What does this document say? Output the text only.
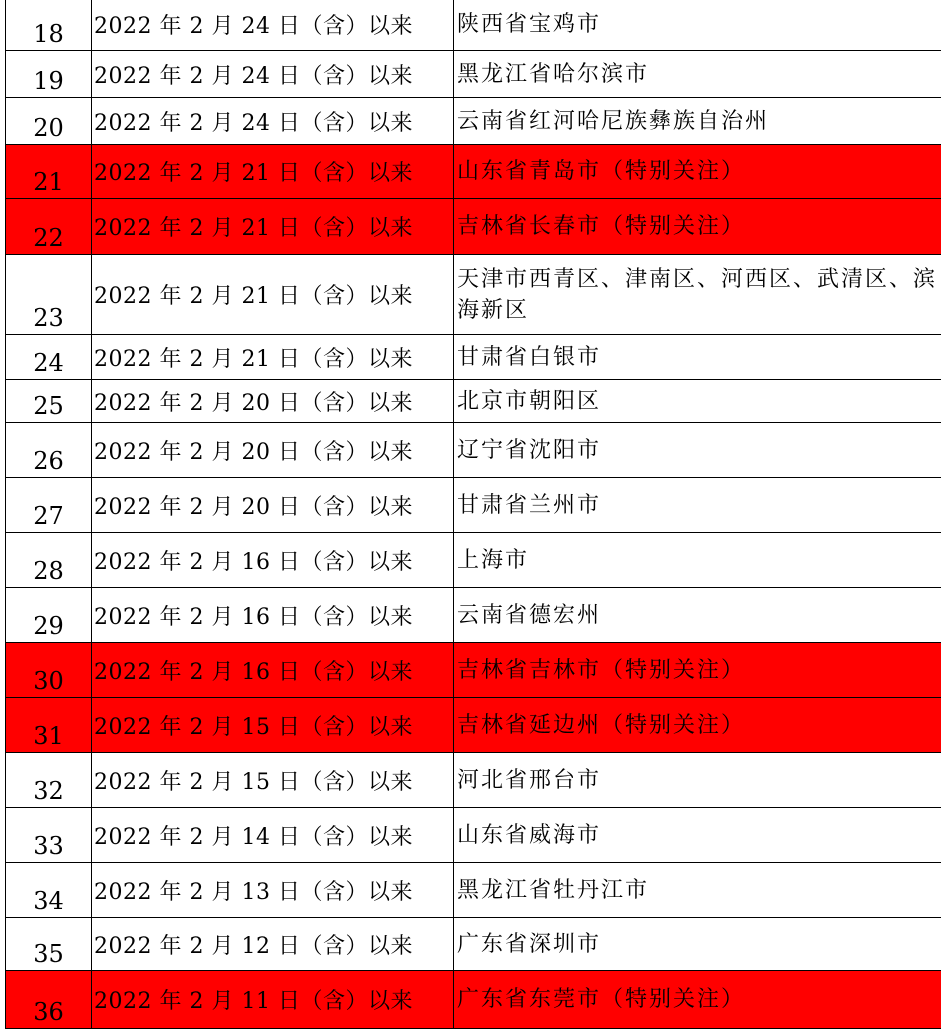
18	2022 年 2 月 24 日（含）以来	陕西省宝鸡市
19	2022 年 2 月 24 日（含）以来	黑龙江省哈尔滨市
20	2022 年 2 月 24 日（含）以来	云南省红河哈尼族彝族自治州
21	2022 年 2 月 21 日（含）以来	山东省青岛市（特别关注）
22	2022 年 2 月 21 日（含）以来	吉林省长春市（特别关注）
23	2022 年 2 月 21 日（含）以来	天津市西青区、津南区、河西区、武清区、滨海新区
24	2022 年 2 月 21 日（含）以来	甘肃省白银市
25	2022 年 2 月 20 日（含）以来	北京市朝阳区
26	2022 年 2 月 20 日（含）以来	辽宁省沈阳市
27	2022 年 2 月 20 日（含）以来	甘肃省兰州市
28	2022 年 2 月 16 日（含）以来	上海市
29	2022 年 2 月 16 日（含）以来	云南省德宏州
30	2022 年 2 月 16 日（含）以来	吉林省吉林市（特别关注）
31	2022 年 2 月 15 日（含）以来	吉林省延边州（特别关注）
32	2022 年 2 月 15 日（含）以来	河北省邢台市
33	2022 年 2 月 14 日（含）以来	山东省威海市
34	2022 年 2 月 13 日（含）以来	黑龙江省牡丹江市
35	2022 年 2 月 12 日（含）以来	广东省深圳市
36	2022 年 2 月 11 日（含）以来	广东省东莞市（特别关注）
